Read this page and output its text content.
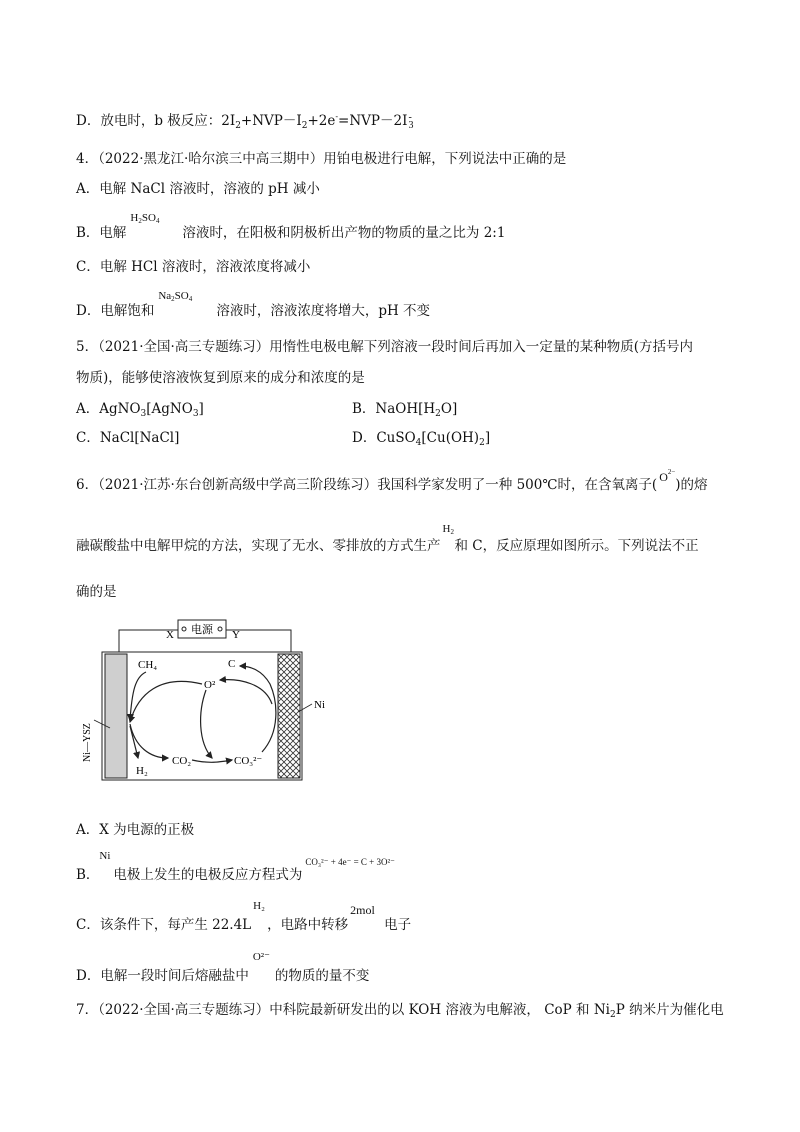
D．放电时，b 极反应：$2I_2+NVP-I_2+2e^-=NVP-2I$ -
3
4．（2022·黑龙江·哈尔滨三中高三期中）用铂电极进行电解，下列说法中正确的是
A．电解 NaCl 溶液时，溶液的 pH 减小
B．电解
H2SO4
溶液时，在阳极和阴极析出产物的物质的量之比为 2:1
C．电解 HCl 溶液时，溶液浓度将减小
D．电解饱和
Na2SO4
溶液时，溶液浓度将增大，pH 不变
5．（2021·全国·高三专题练习）用惰性电极电解下列溶液一段时间后再加入一定量的某种物质(方括号内
物质)，能够使溶液恢复到原来的成分和浓度的是
A．AgNO$_3$[AgNO$_3$]	B．$NaOH[H_2O]$
C．NaCl[NaCl]	D．$CuSO_4[Cu(OH)_2]$
6．（2021·江苏·东台创新高级中学高三阶段练习）我国科学家发明了一种 500℃时，在含氧离子( $O^{2-}$
)的熔
融碳酸盐中电解甲烷的方法，实现了无水、零排放的方式生产
H2
和 C，反应原理如图所示。下列说法不正
确的是
电源
X	Y
Ni—YSZ
Ni
CH₄	C
O²
H₂
CO₂	CO₃²⁻
A．X 为电源的正极
B．
Ni
电极上发生的电极反应方程式为
CO₃²⁻ + 4e⁻ = C + 3O²⁻
C．该条件下，每产生 22.4L
H₂
，电路中转移
2mol
电子
D．电解一段时间后熔融盐中
O²⁻
的物质的量不变
7．（2022·全国·高三专题练习）中科院最新研发出的以 KOH 溶液为电解液， CoP 和 $Ni_2P$ 纳米片为催化电
